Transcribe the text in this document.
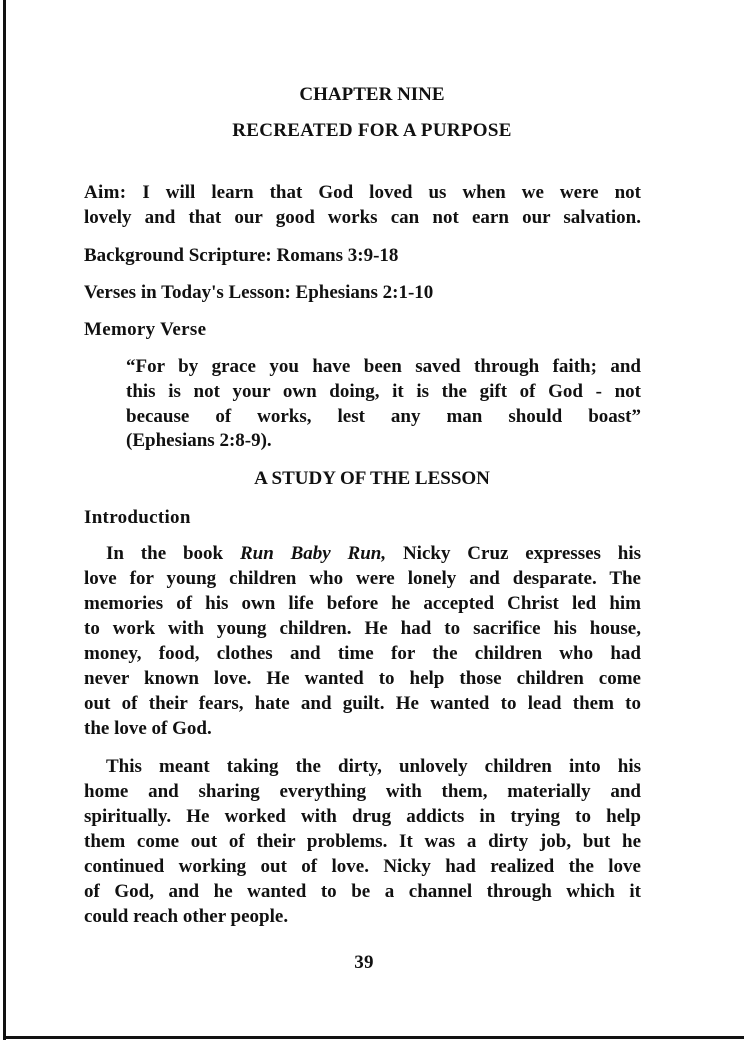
CHAPTER NINE
RECREATED FOR A PURPOSE
Aim: I will learn that God loved us when we were not
lovely and that our good works can not earn our salvation.
Background Scripture: Romans 3:9-18
Verses in Today's Lesson: Ephesians 2:1-10
Memory Verse
“For by grace you have been saved through faith; and
this is not your own doing, it is the gift of God - not
because of works, lest any man should boast”
(Ephesians 2:8-9).
A STUDY OF THE LESSON
Introduction
In the book Run Baby Run, Nicky Cruz expresses his
love for young children who were lonely and desparate. The
memories of his own life before he accepted Christ led him
to work with young children. He had to sacrifice his house,
money, food, clothes and time for the children who had
never known love. He wanted to help those children come
out of their fears, hate and guilt. He wanted to lead them to
the love of God.
This meant taking the dirty, unlovely children into his
home and sharing everything with them, materially and
spiritually. He worked with drug addicts in trying to help
them come out of their problems. It was a dirty job, but he
continued working out of love. Nicky had realized the love
of God, and he wanted to be a channel through which it
could reach other people.
39
